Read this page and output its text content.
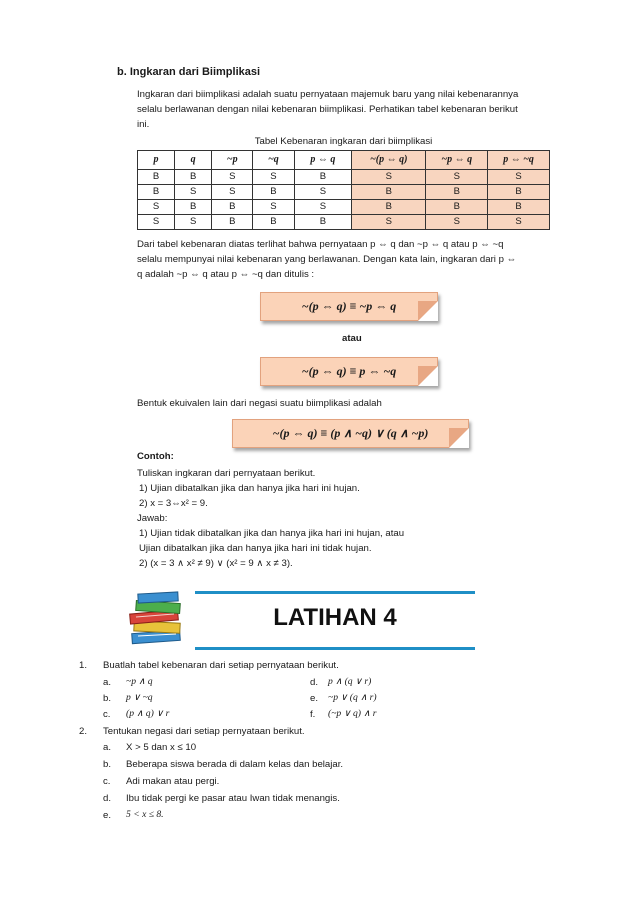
b. Ingkaran dari Biimplikasi
Ingkaran dari biimplikasi adalah suatu pernyataan majemuk baru yang nilai kebenarannya
selalu berlawanan dengan nilai kebenaran biimplikasi. Perhatikan tabel kebenaran berikut
ini.
Tabel Kebenaran ingkaran dari biimplikasi
p	q	~p	~q	p ⇔ q	~(p ⇔ q)	~p ⇔ q	p ⇔ ~q
B	B	S	S	B	S	S	S
B	S	S	B	S	B	B	B
S	B	B	S	S	B	B	B
S	S	B	B	B	S	S	S
Dari tabel kebenaran diatas terlihat bahwa pernyataan p ⇔ q dan ~p ⇔ q atau p ⇔ ~q
selalu mempunyai nilai kebenaran yang berlawanan. Dengan kata lain, ingkaran dari p ⇔
q adalah ~p ⇔ q atau p ⇔ ~q dan ditulis :
~(p ⇔ q) ≡ ~p ⇔ q
atau
~(p ⇔ q) ≡ p ⇔ ~q
Bentuk ekuivalen lain dari negasi suatu biimplikasi adalah
~(p ⇔ q) ≡ (p ∧ ~q) ∨ (q ∧ ~p)
Contoh:
Tuliskan ingkaran dari pernyataan berikut.
1) Ujian dibatalkan jika dan hanya jika hari ini hujan.
2) x = 3⇔x² = 9.
Jawab:
1) Ujian tidak dibatalkan jika dan hanya jika hari ini hujan, atau
Ujian dibatalkan jika dan hanya jika hari ini tidak hujan.
2) (x = 3 ∧ x² ≠ 9) ∨ (x² = 9 ∧ x ≠ 3).
LATIHAN 4
1. Buatlah tabel kebenaran dari setiap pernyataan berikut.
a. ~p ∧ q	d. p ∧ (q ∨ r)
b. p ∨ ~q	e. ~p ∨ (q ∧ r)
c. (p ∧ q) ∨ r	f. (~p ∨ q) ∧ r
2. Tentukan negasi dari setiap pernyataan berikut.
a. X > 5 dan x ≤ 10
b. Beberapa siswa berada di dalam kelas dan belajar.
c. Adi makan atau pergi.
d. Ibu tidak pergi ke pasar atau Iwan tidak menangis.
e. 5 < x ≤ 8.
